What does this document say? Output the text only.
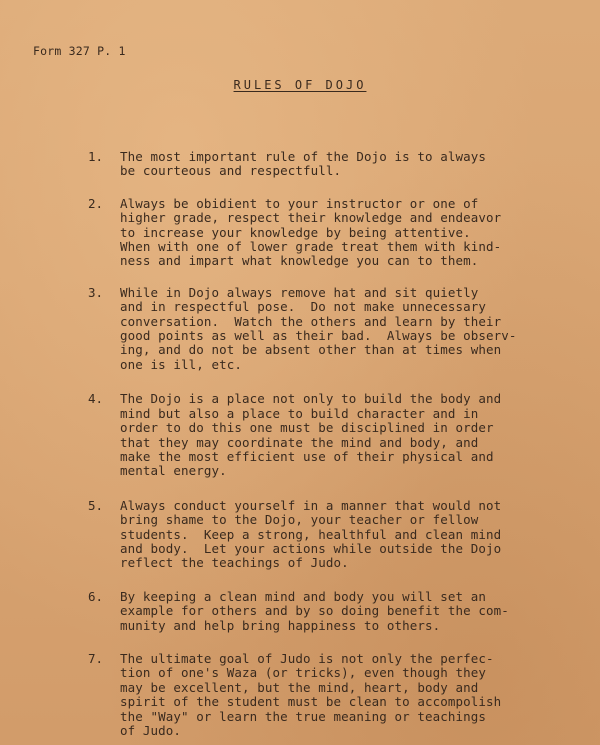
Form 327 P. 1
RULES OF DOJO
1.	The most important rule of the Dojo is to always
be courteous and respectfull.
2.	Always be obidient to your instructor or one of
higher grade, respect their knowledge and endeavor
to increase your knowledge by being attentive.
When with one of lower grade treat them with kind-
ness and impart what knowledge you can to them.
3.	While in Dojo always remove hat and sit quietly
and in respectful pose.  Do not make unnecessary
conversation.  Watch the others and learn by their
good points as well as their bad.  Always be observ-
ing, and do not be absent other than at times when
one is ill, etc.
4.	The Dojo is a place not only to build the body and
mind but also a place to build character and in
order to do this one must be disciplined in order
that they may coordinate the mind and body, and
make the most efficient use of their physical and
mental energy.
5.	Always conduct yourself in a manner that would not
bring shame to the Dojo, your teacher or fellow
students.  Keep a strong, healthful and clean mind
and body.  Let your actions while outside the Dojo
reflect the teachings of Judo.
6.	By keeping a clean mind and body you will set an
example for others and by so doing benefit the com-
munity and help bring happiness to others.
7.	The ultimate goal of Judo is not only the perfec-
tion of one's Waza (or tricks), even though they
may be excellent, but the mind, heart, body and
spirit of the student must be clean to accompolish
the "Way" or learn the true meaning or teachings
of Judo.
